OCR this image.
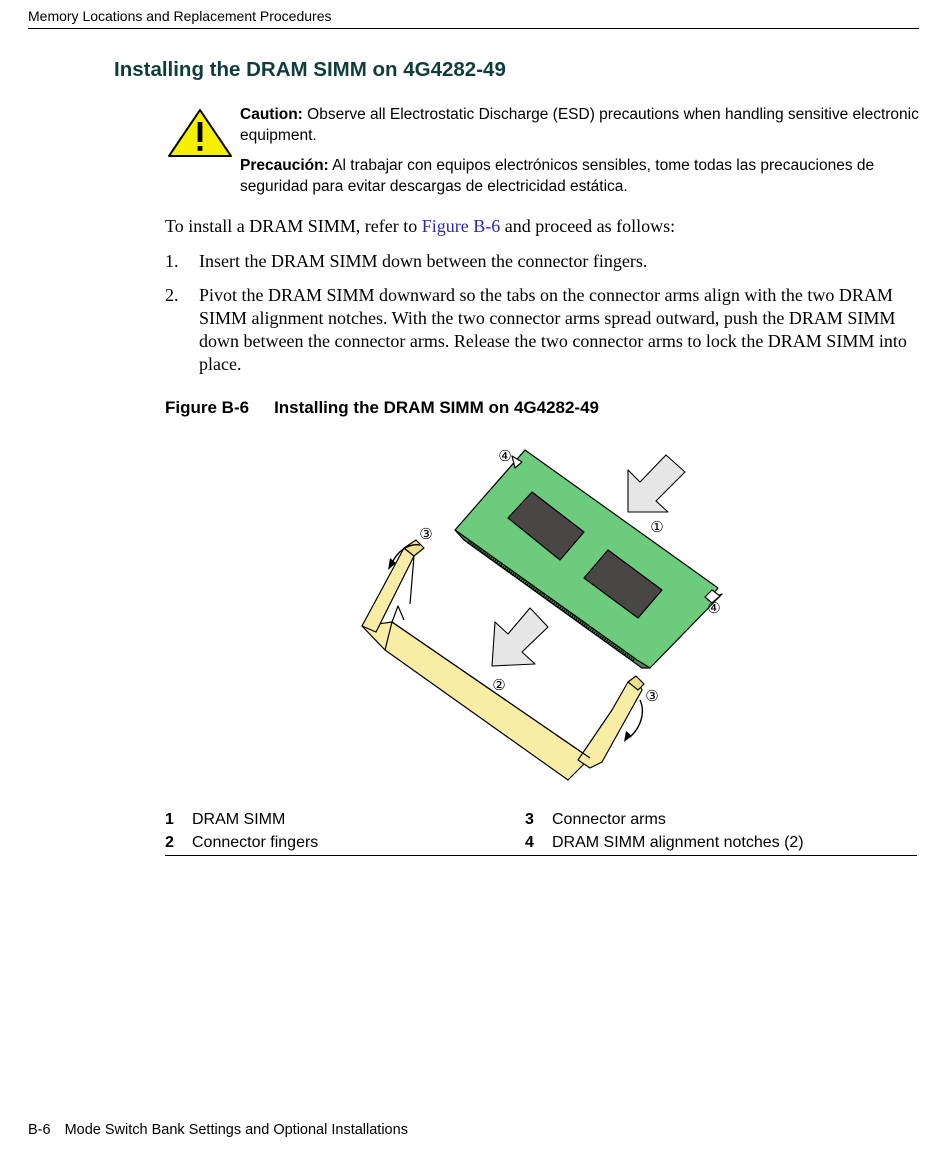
Memory Locations and Replacement Procedures
Installing the DRAM SIMM on 4G4282-49
Caution: Observe all Electrostatic Discharge (ESD) precautions when handling sensitive electronic equipment.
Precaución: Al trabajar con equipos electrónicos sensibles, tome todas las precauciones de seguridad para evitar descargas de electricidad estática.
To install a DRAM SIMM, refer to Figure B-6 and proceed as follows:
1. Insert the DRAM SIMM down between the connector fingers.
2. Pivot the DRAM SIMM downward so the tabs on the connector arms align with the two DRAM SIMM alignment notches. With the two connector arms spread outward, push the DRAM SIMM down between the connector arms. Release the two connector arms to lock the DRAM SIMM into place.
Figure B-6 Installing the DRAM SIMM on 4G4282-49
①
②
③
③
④
④
1 DRAM SIMM
2 Connector fingers
3 Connector arms
4 DRAM SIMM alignment notches (2)
B-6 Mode Switch Bank Settings and Optional Installations
